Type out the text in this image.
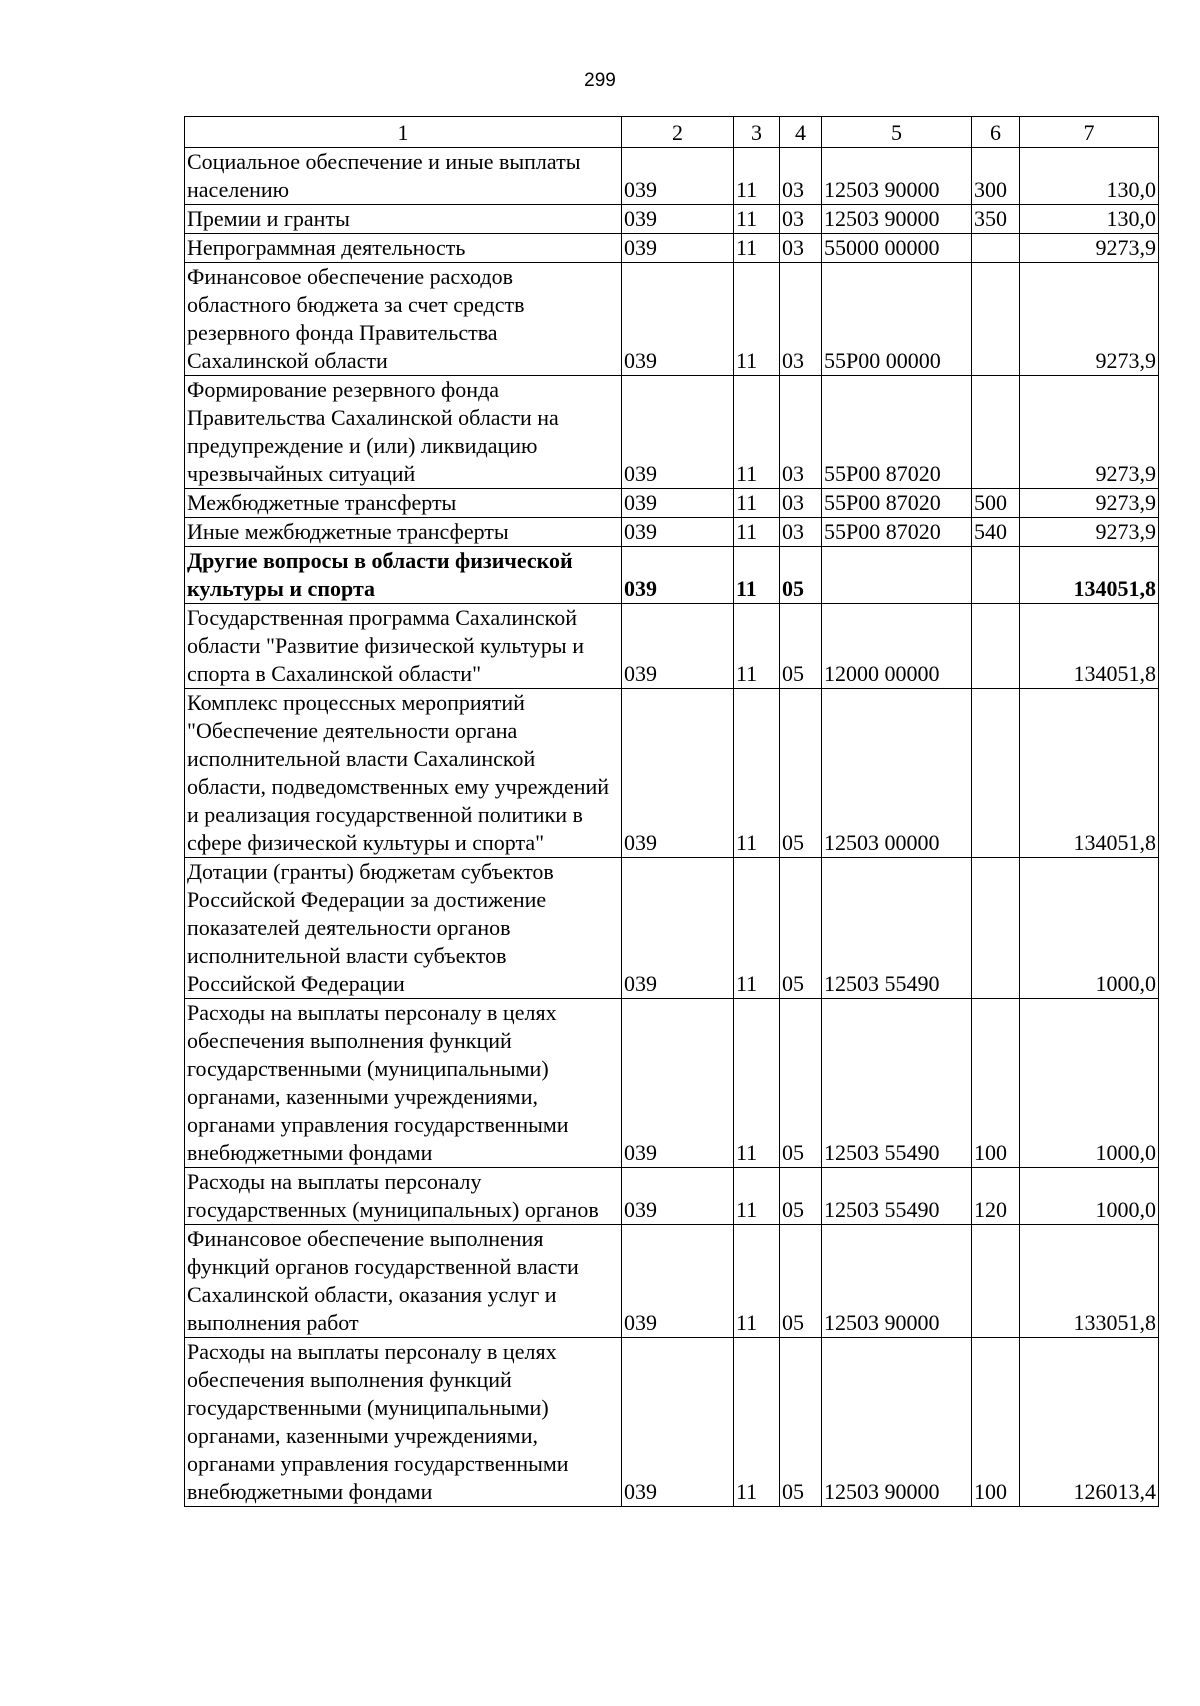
299
1	2	3	4	5	6	7
Социальное обеспечение и иные выплаты населению	039	11	03	12503 90000	300	130,0
Премии и гранты	039	11	03	12503 90000	350	130,0
Непрограммная деятельность	039	11	03	55000 00000		9273,9
Финансовое обеспечение расходов областного бюджета за счет средств резервного фонда Правительства Сахалинской области	039	11	03	55Р00 00000		9273,9
Формирование резервного фонда Правительства Сахалинской области на предупреждение и (или) ликвидацию чрезвычайных ситуаций	039	11	03	55Р00 87020		9273,9
Межбюджетные трансферты	039	11	03	55Р00 87020	500	9273,9
Иные межбюджетные трансферты	039	11	03	55Р00 87020	540	9273,9
Другие вопросы в области физической культуры и спорта	039	11	05			134051,8
Государственная программа Сахалинской области "Развитие физической культуры и спорта в Сахалинской области"	039	11	05	12000 00000		134051,8
Комплекс процессных мероприятий "Обеспечение деятельности органа исполнительной власти Сахалинской области, подведомственных ему учреждений и реализация государственной политики в сфере физической культуры и спорта"	039	11	05	12503 00000		134051,8
Дотации (гранты) бюджетам субъектов Российской Федерации за достижение показателей деятельности органов исполнительной власти субъектов Российской Федерации	039	11	05	12503 55490		1000,0
Расходы на выплаты персоналу в целях обеспечения выполнения функций государственными (муниципальными) органами, казенными учреждениями, органами управления государственными внебюджетными фондами	039	11	05	12503 55490	100	1000,0
Расходы на выплаты персоналу государственных (муниципальных) органов	039	11	05	12503 55490	120	1000,0
Финансовое обеспечение выполнения функций органов государственной власти Сахалинской области, оказания услуг и выполнения работ	039	11	05	12503 90000		133051,8
Расходы на выплаты персоналу в целях обеспечения выполнения функций государственными (муниципальными) органами, казенными учреждениями, органами управления государственными внебюджетными фондами	039	11	05	12503 90000	100	126013,4
